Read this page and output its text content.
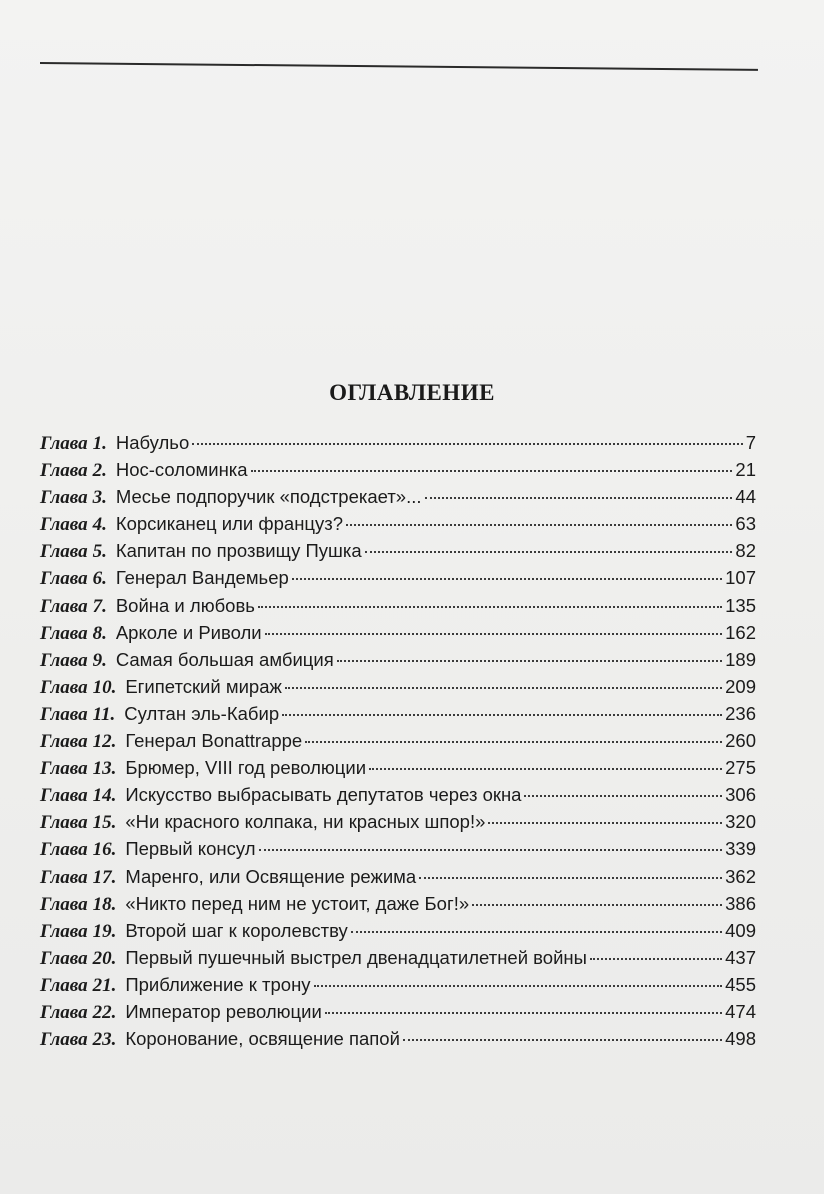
ОГЛАВЛЕНИЕ
Глава 1. Набульо	7
Глава 2. Нос-соломинка	21
Глава 3. Месье подпоручик «подстрекает»...	44
Глава 4. Корсиканец или француз?	63
Глава 5. Капитан по прозвищу Пушка	82
Глава 6. Генерал Вандемьер	107
Глава 7. Война и любовь	135
Глава 8. Арколе и Риволи	162
Глава 9. Самая большая амбиция	189
Глава 10. Египетский мираж	209
Глава 11. Султан эль-Кабир	236
Глава 12. Генерал Bonattrappe	260
Глава 13. Брюмер, VIII год революции	275
Глава 14. Искусство выбрасывать депутатов через окна	306
Глава 15. «Ни красного колпака, ни красных шпор!»	320
Глава 16. Первый консул	339
Глава 17. Маренго, или Освящение режима	362
Глава 18. «Никто перед ним не устоит, даже Бог!»	386
Глава 19. Второй шаг к королевству	409
Глава 20. Первый пушечный выстрел двенадцатилетней войны	437
Глава 21. Приближение к трону	455
Глава 22. Император революции	474
Глава 23. Коронование, освящение папой	498
